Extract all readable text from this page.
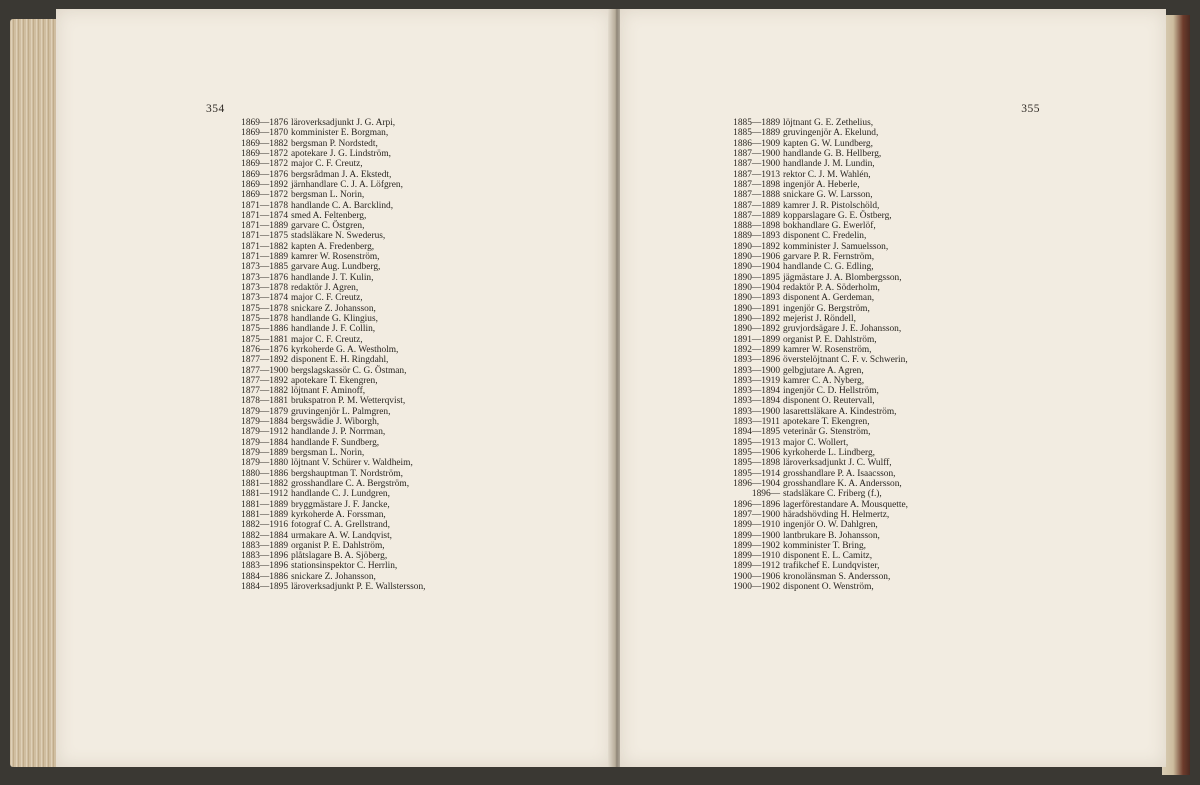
354
1869—1876 läroverksadjunkt J. G. Arpi,
1869—1870 komminister E. Borgman,
1869—1882 bergsman P. Nordstedt,
1869—1872 apotekare J. G. Lindström,
1869—1872 major C. F. Creutz,
1869—1876 bergsrådman J. A. Ekstedt,
1869—1892 järnhandlare C. J. A. Löfgren,
1869—1872 bergsman L. Norin,
1871—1878 handlande C. A. Barcklind,
1871—1874 smed A. Feltenberg,
1871—1889 garvare C. Östgren,
1871—1875 stadsläkare N. Swederus,
1871—1882 kapten A. Fredenberg,
1871—1889 kamrer W. Rosenström,
1873—1885 garvare Aug. Lundberg,
1873—1876 handlande J. T. Kulin,
1873—1878 redaktör J. Agren,
1873—1874 major C. F. Creutz,
1875—1878 snickare Z. Johansson,
1875—1878 handlande G. Klingius,
1875—1886 handlande J. F. Collin,
1875—1881 major C. F. Creutz,
1876—1876 kyrkoherde G. A. Westholm,
1877—1892 disponent E. H. Ringdahl,
1877—1900 bergslagskassör C. G. Östman,
1877—1892 apotekare T. Ekengren,
1877—1882 löjtnant F. Aminoff,
1878—1881 brukspatron P. M. Wetterqvist,
1879—1879 gruvingenjör L. Palmgren,
1879—1884 bergswädie J. Wiborgh,
1879—1912 handlande J. P. Norrman,
1879—1884 handlande F. Sundberg,
1879—1889 bergsman L. Norin,
1879—1880 löjtnant V. Schürer v. Waldheim,
1880—1886 bergshauptman T. Nordström,
1881—1882 grosshandlare C. A. Bergström,
1881—1912 handlande C. J. Lundgren,
1881—1889 bryggmästare J. F. Jancke,
1881—1889 kyrkoherde A. Forssman,
1882—1916 fotograf C. A. Grellstrand,
1882—1884 urmakare A. W. Landqvist,
1883—1889 organist P. E. Dahlström,
1883—1896 plåtslagare B. A. Sjöberg,
1883—1896 stationsinspektor C. Herrlin,
1884—1886 snickare Z. Johansson,
1884—1895 läroverksadjunkt P. E. Wallstersson,
355
1885—1889 löjtnant G. E. Zethelius,
1885—1889 gruvingenjör A. Ekelund,
1886—1909 kapten G. W. Lundberg,
1887—1900 handlande G. B. Hellberg,
1887—1900 handlande J. M. Lundin,
1887—1913 rektor C. J. M. Wahlén,
1887—1898 ingenjör A. Heberle,
1887—1888 snickare G. W. Larsson,
1887—1889 kamrer J. R. Pistolschöld,
1887—1889 kopparslagare G. E. Östberg,
1888—1898 bokhandlare G. Ewerlöf,
1889—1893 disponent C. Fredelin,
1890—1892 komminister J. Samuelsson,
1890—1906 garvare P. R. Fernström,
1890—1904 handlande C. G. Edling,
1890—1895 jägmästare J. A. Blombergsson,
1890—1904 redaktör P. A. Söderholm,
1890—1893 disponent A. Gerdeman,
1890—1891 ingenjör G. Bergström,
1890—1892 mejerist J. Röndell,
1890—1892 gruvjordsägare J. E. Johansson,
1891—1899 organist P. E. Dahlström,
1892—1899 kamrer W. Rosenström,
1893—1896 överstelöjtnant C. F. v. Schwerin,
1893—1900 gelbgjutare A. Agren,
1893—1919 kamrer C. A. Nyberg,
1893—1894 ingenjör C. D. Hellström,
1893—1894 disponent O. Reutervall,
1893—1900 lasarettsläkare A. Kindeström,
1893—1911 apotekare T. Ekengren,
1894—1895 veterinär G. Stenström,
1895—1913 major C. Wollert,
1895—1906 kyrkoherde L. Lindberg,
1895—1898 läroverksadjunkt J. C. Wulff,
1895—1914 grosshandlare P. A. Isaacsson,
1896—1904 grosshandlare K. A. Andersson,
1896— stadsläkare C. Friberg (f.),
1896—1896 lagerförestandare A. Mousquette,
1897—1900 häradshövding H. Helmertz,
1899—1910 ingenjör O. W. Dahlgren,
1899—1900 lantbrukare B. Johansson,
1899—1902 komminister T. Bring,
1899—1910 disponent E. L. Camitz,
1899—1912 trafikchef E. Lundqvister,
1900—1906 kronolänsman S. Andersson,
1900—1902 disponent O. Wenström,
